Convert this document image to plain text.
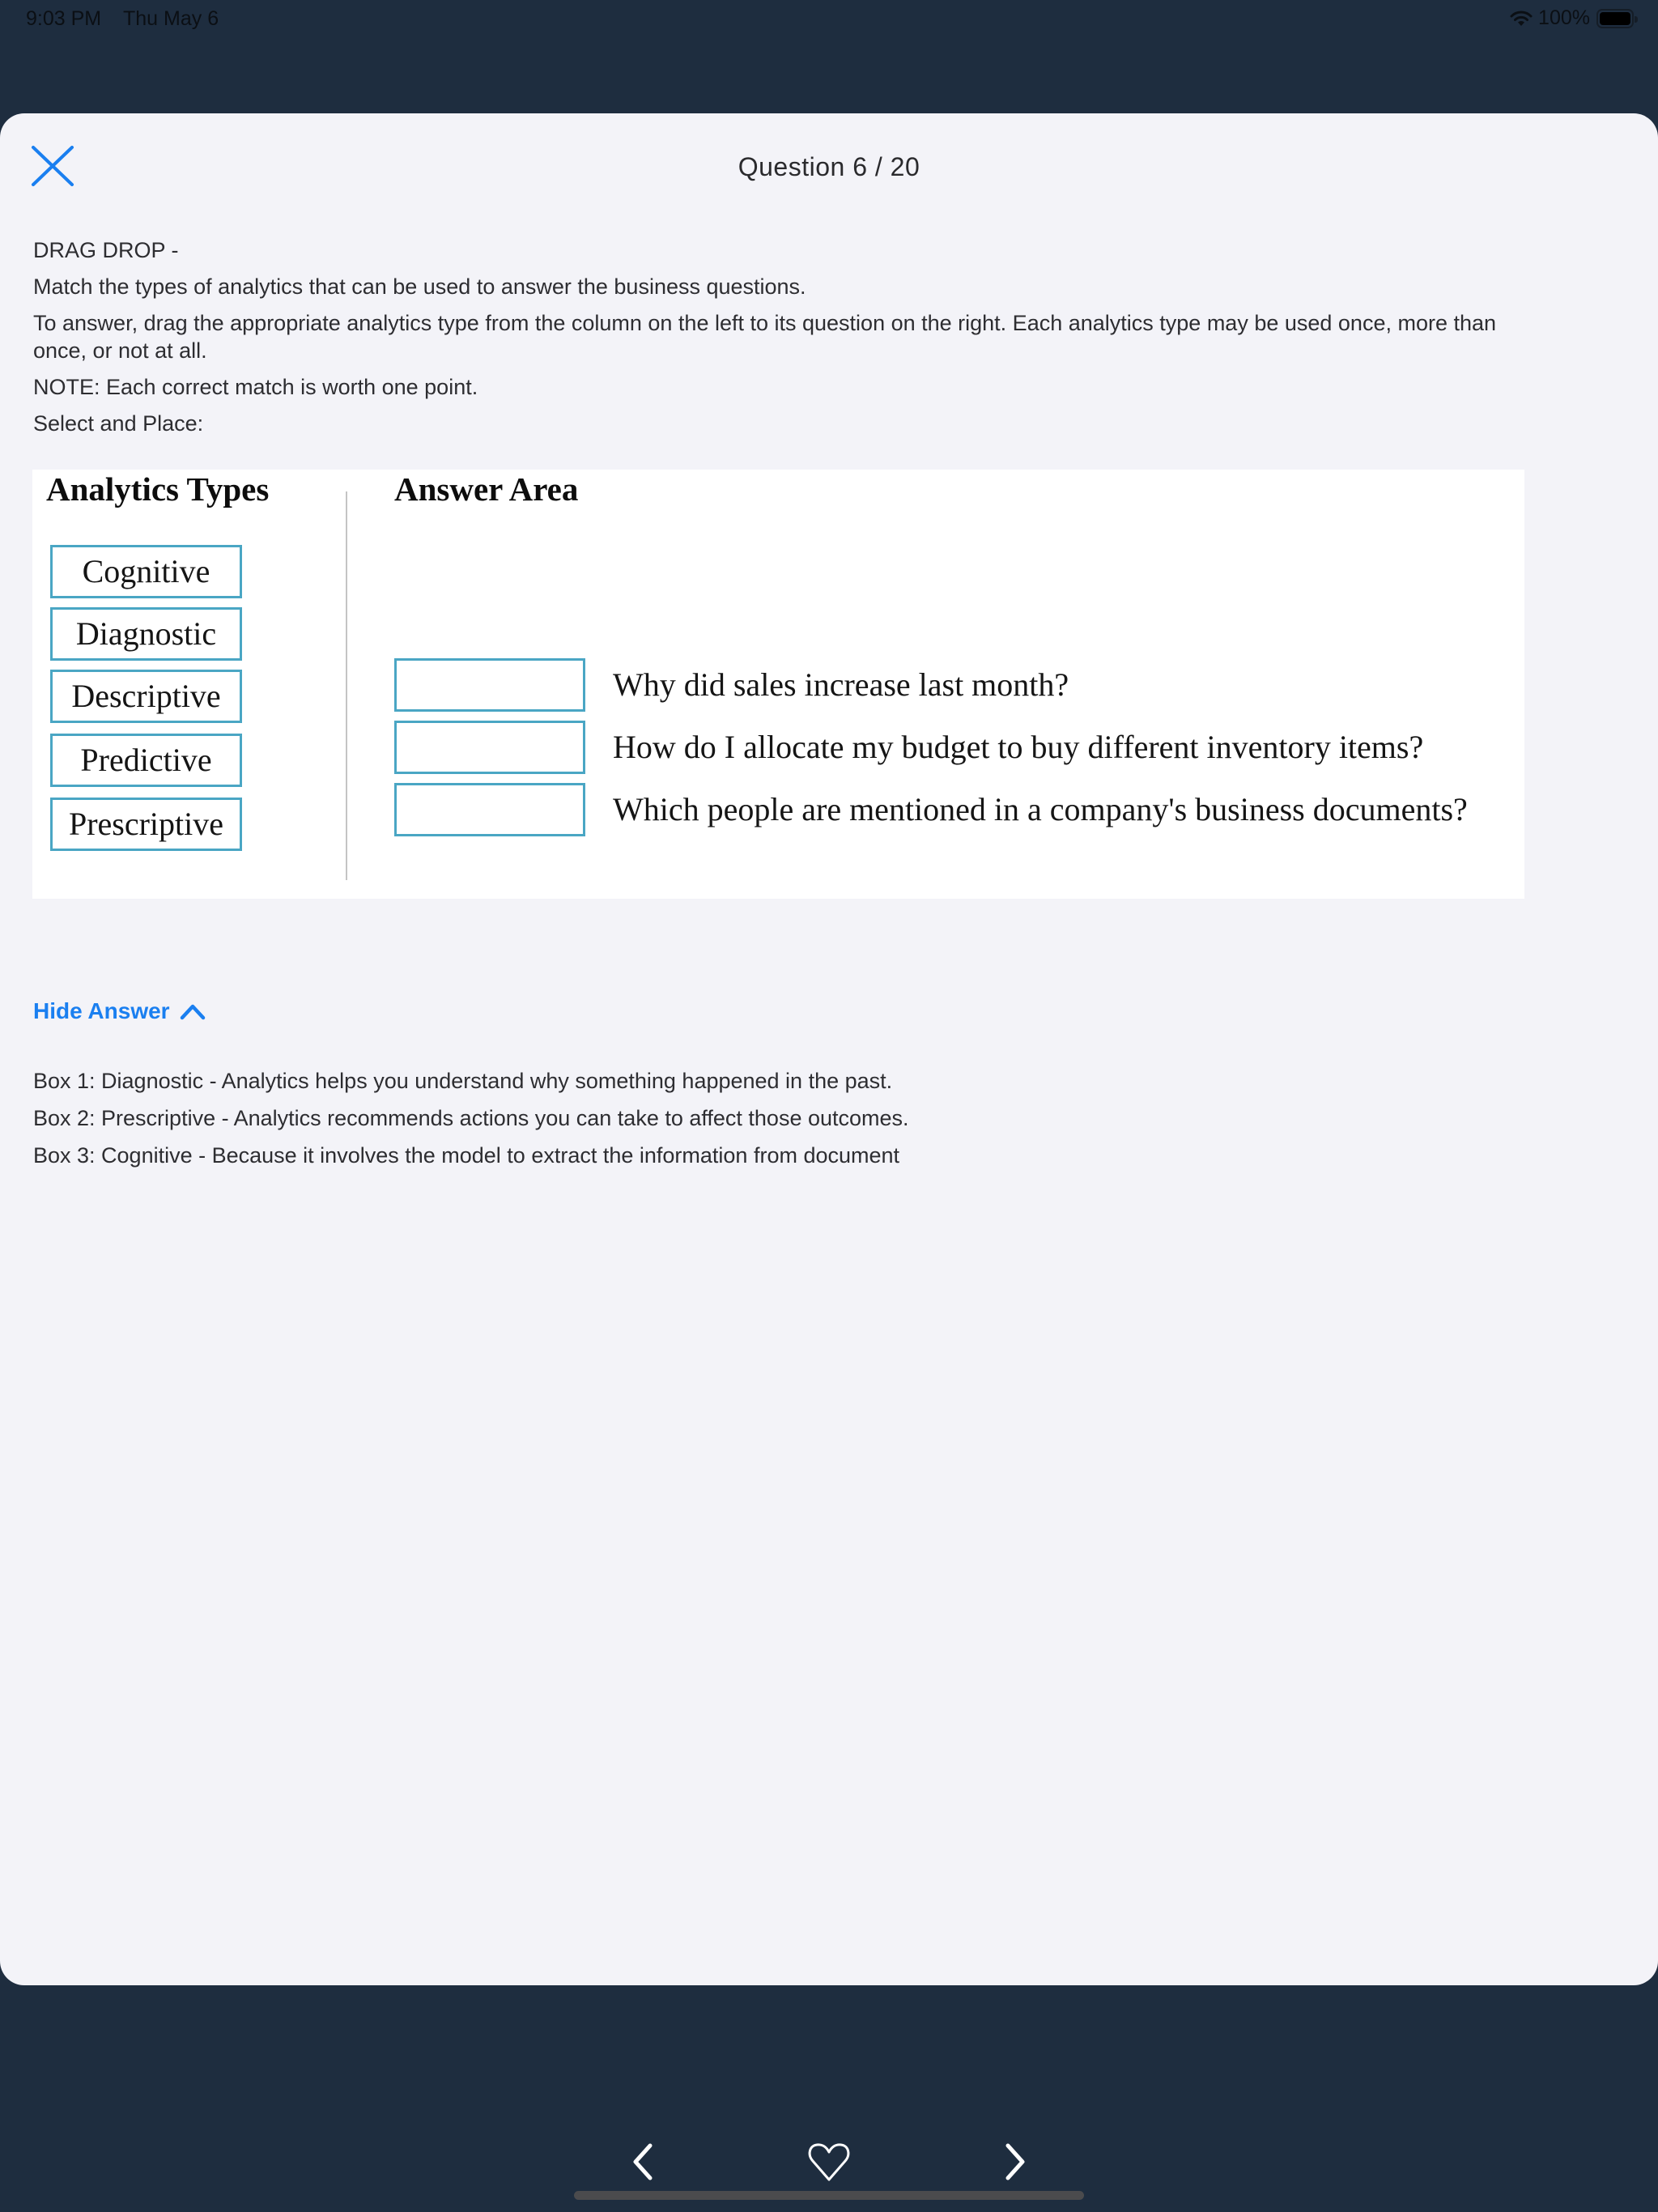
9:03 PM Thu May 6	100%
Question 6 / 20

DRAG DROP -

Match the types of analytics that can be used to answer the business questions.

To answer, drag the appropriate analytics type from the column on the left to its question on the right. Each analytics type may be used once, more than once, or not at all.

NOTE: Each correct match is worth one point.

Select and Place:

Analytics Types	Answer Area
Cognitive
Diagnostic
Descriptive
Predictive
Prescriptive
Why did sales increase last month?
How do I allocate my budget to buy different inventory items?
Which people are mentioned in a company's business documents?
Hide Answer

Box 1: Diagnostic - Analytics helps you understand why something happened in the past.

Box 2: Prescriptive - Analytics recommends actions you can take to affect those outcomes.

Box 3: Cognitive - Because it involves the model to extract the information from document
